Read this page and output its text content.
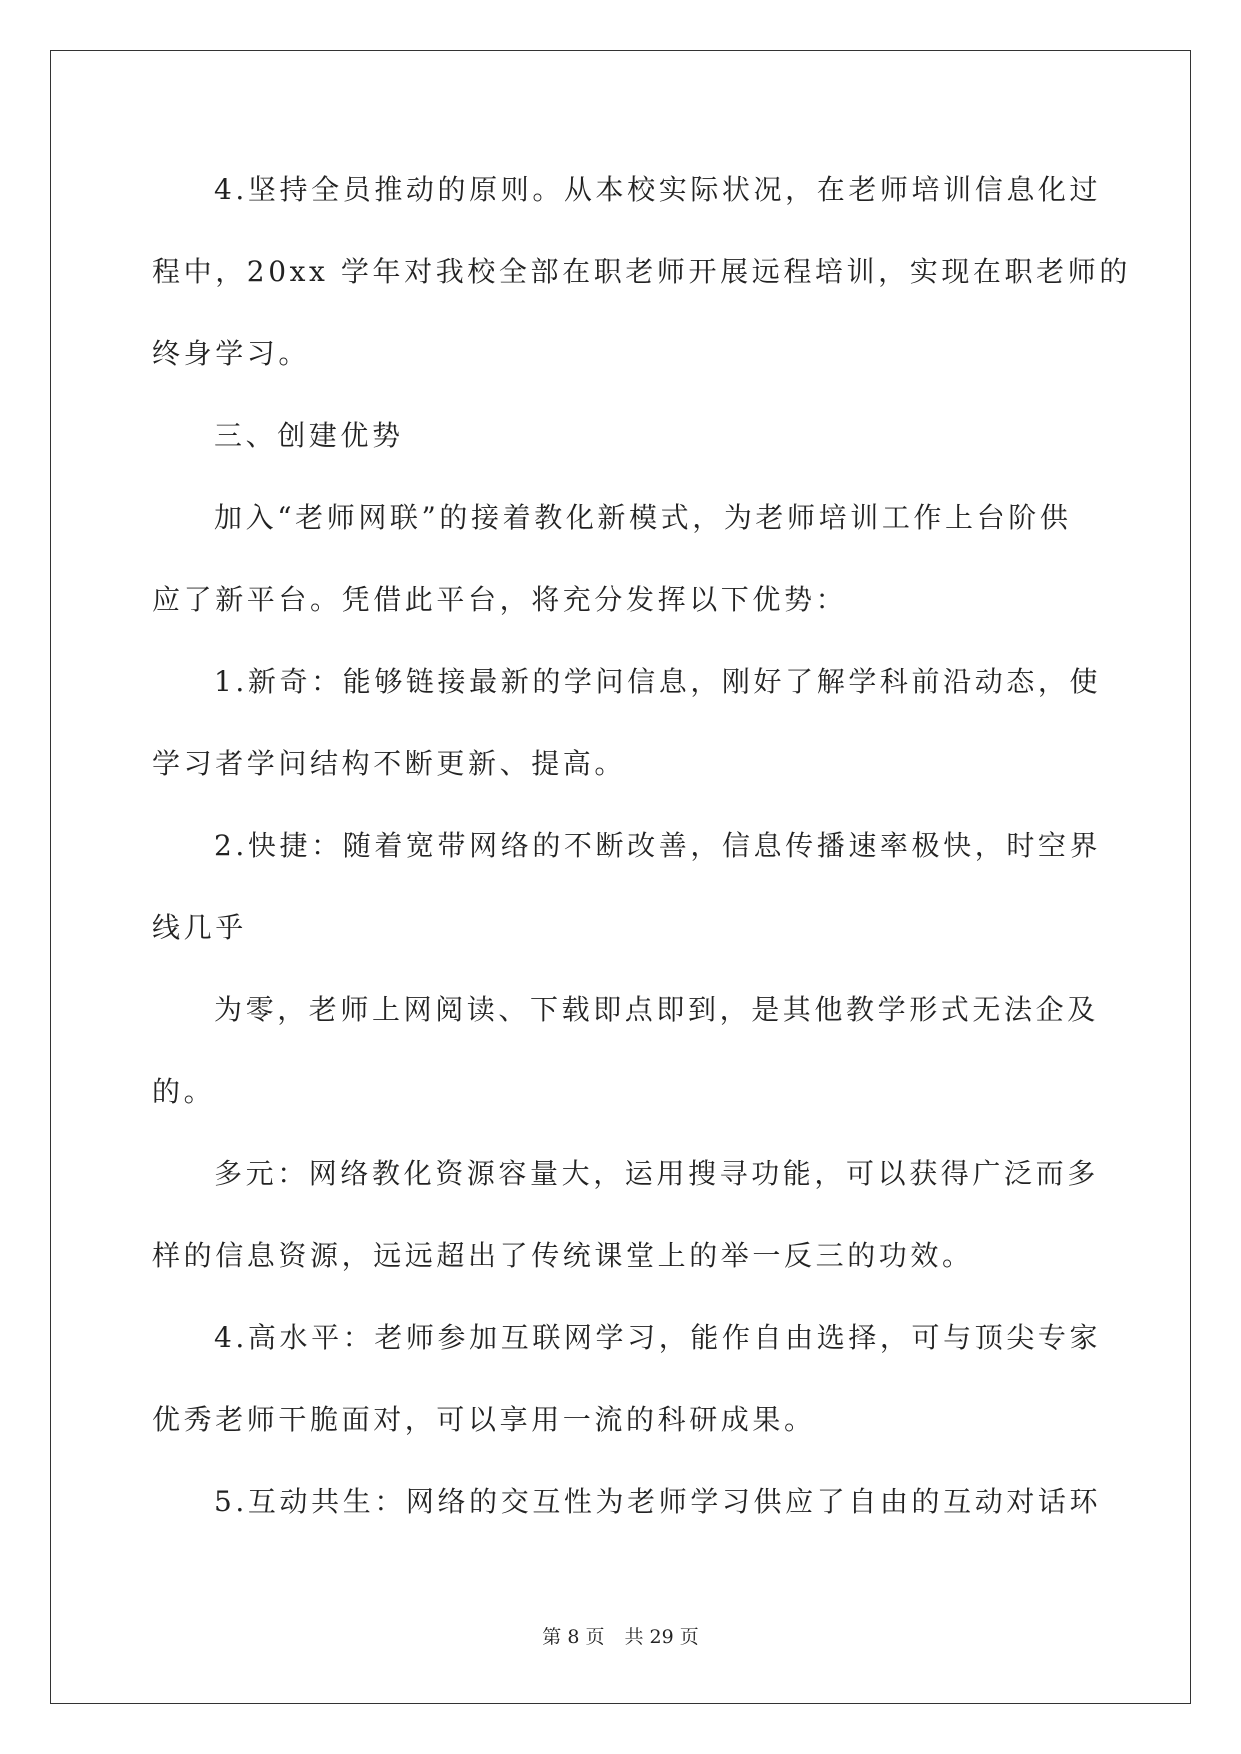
4.坚持全员推动的原则。从本校实际状况，在老师培训信息化过
程中，20xx 学年对我校全部在职老师开展远程培训，实现在职老师的
终身学习。
三、创建优势
加入“老师网联”的接着教化新模式，为老师培训工作上台阶供
应了新平台。凭借此平台，将充分发挥以下优势：
1.新奇：能够链接最新的学问信息，刚好了解学科前沿动态，使
学习者学问结构不断更新、提高。
2.快捷：随着宽带网络的不断改善，信息传播速率极快，时空界
线几乎
为零，老师上网阅读、下载即点即到，是其他教学形式无法企及
的。
多元：网络教化资源容量大，运用搜寻功能，可以获得广泛而多
样的信息资源，远远超出了传统课堂上的举一反三的功效。
4.高水平：老师参加互联网学习，能作自由选择，可与顶尖专家
优秀老师干脆面对，可以享用一流的科研成果。
5.互动共生：网络的交互性为老师学习供应了自由的互动对话环
第 8 页 共 29 页
